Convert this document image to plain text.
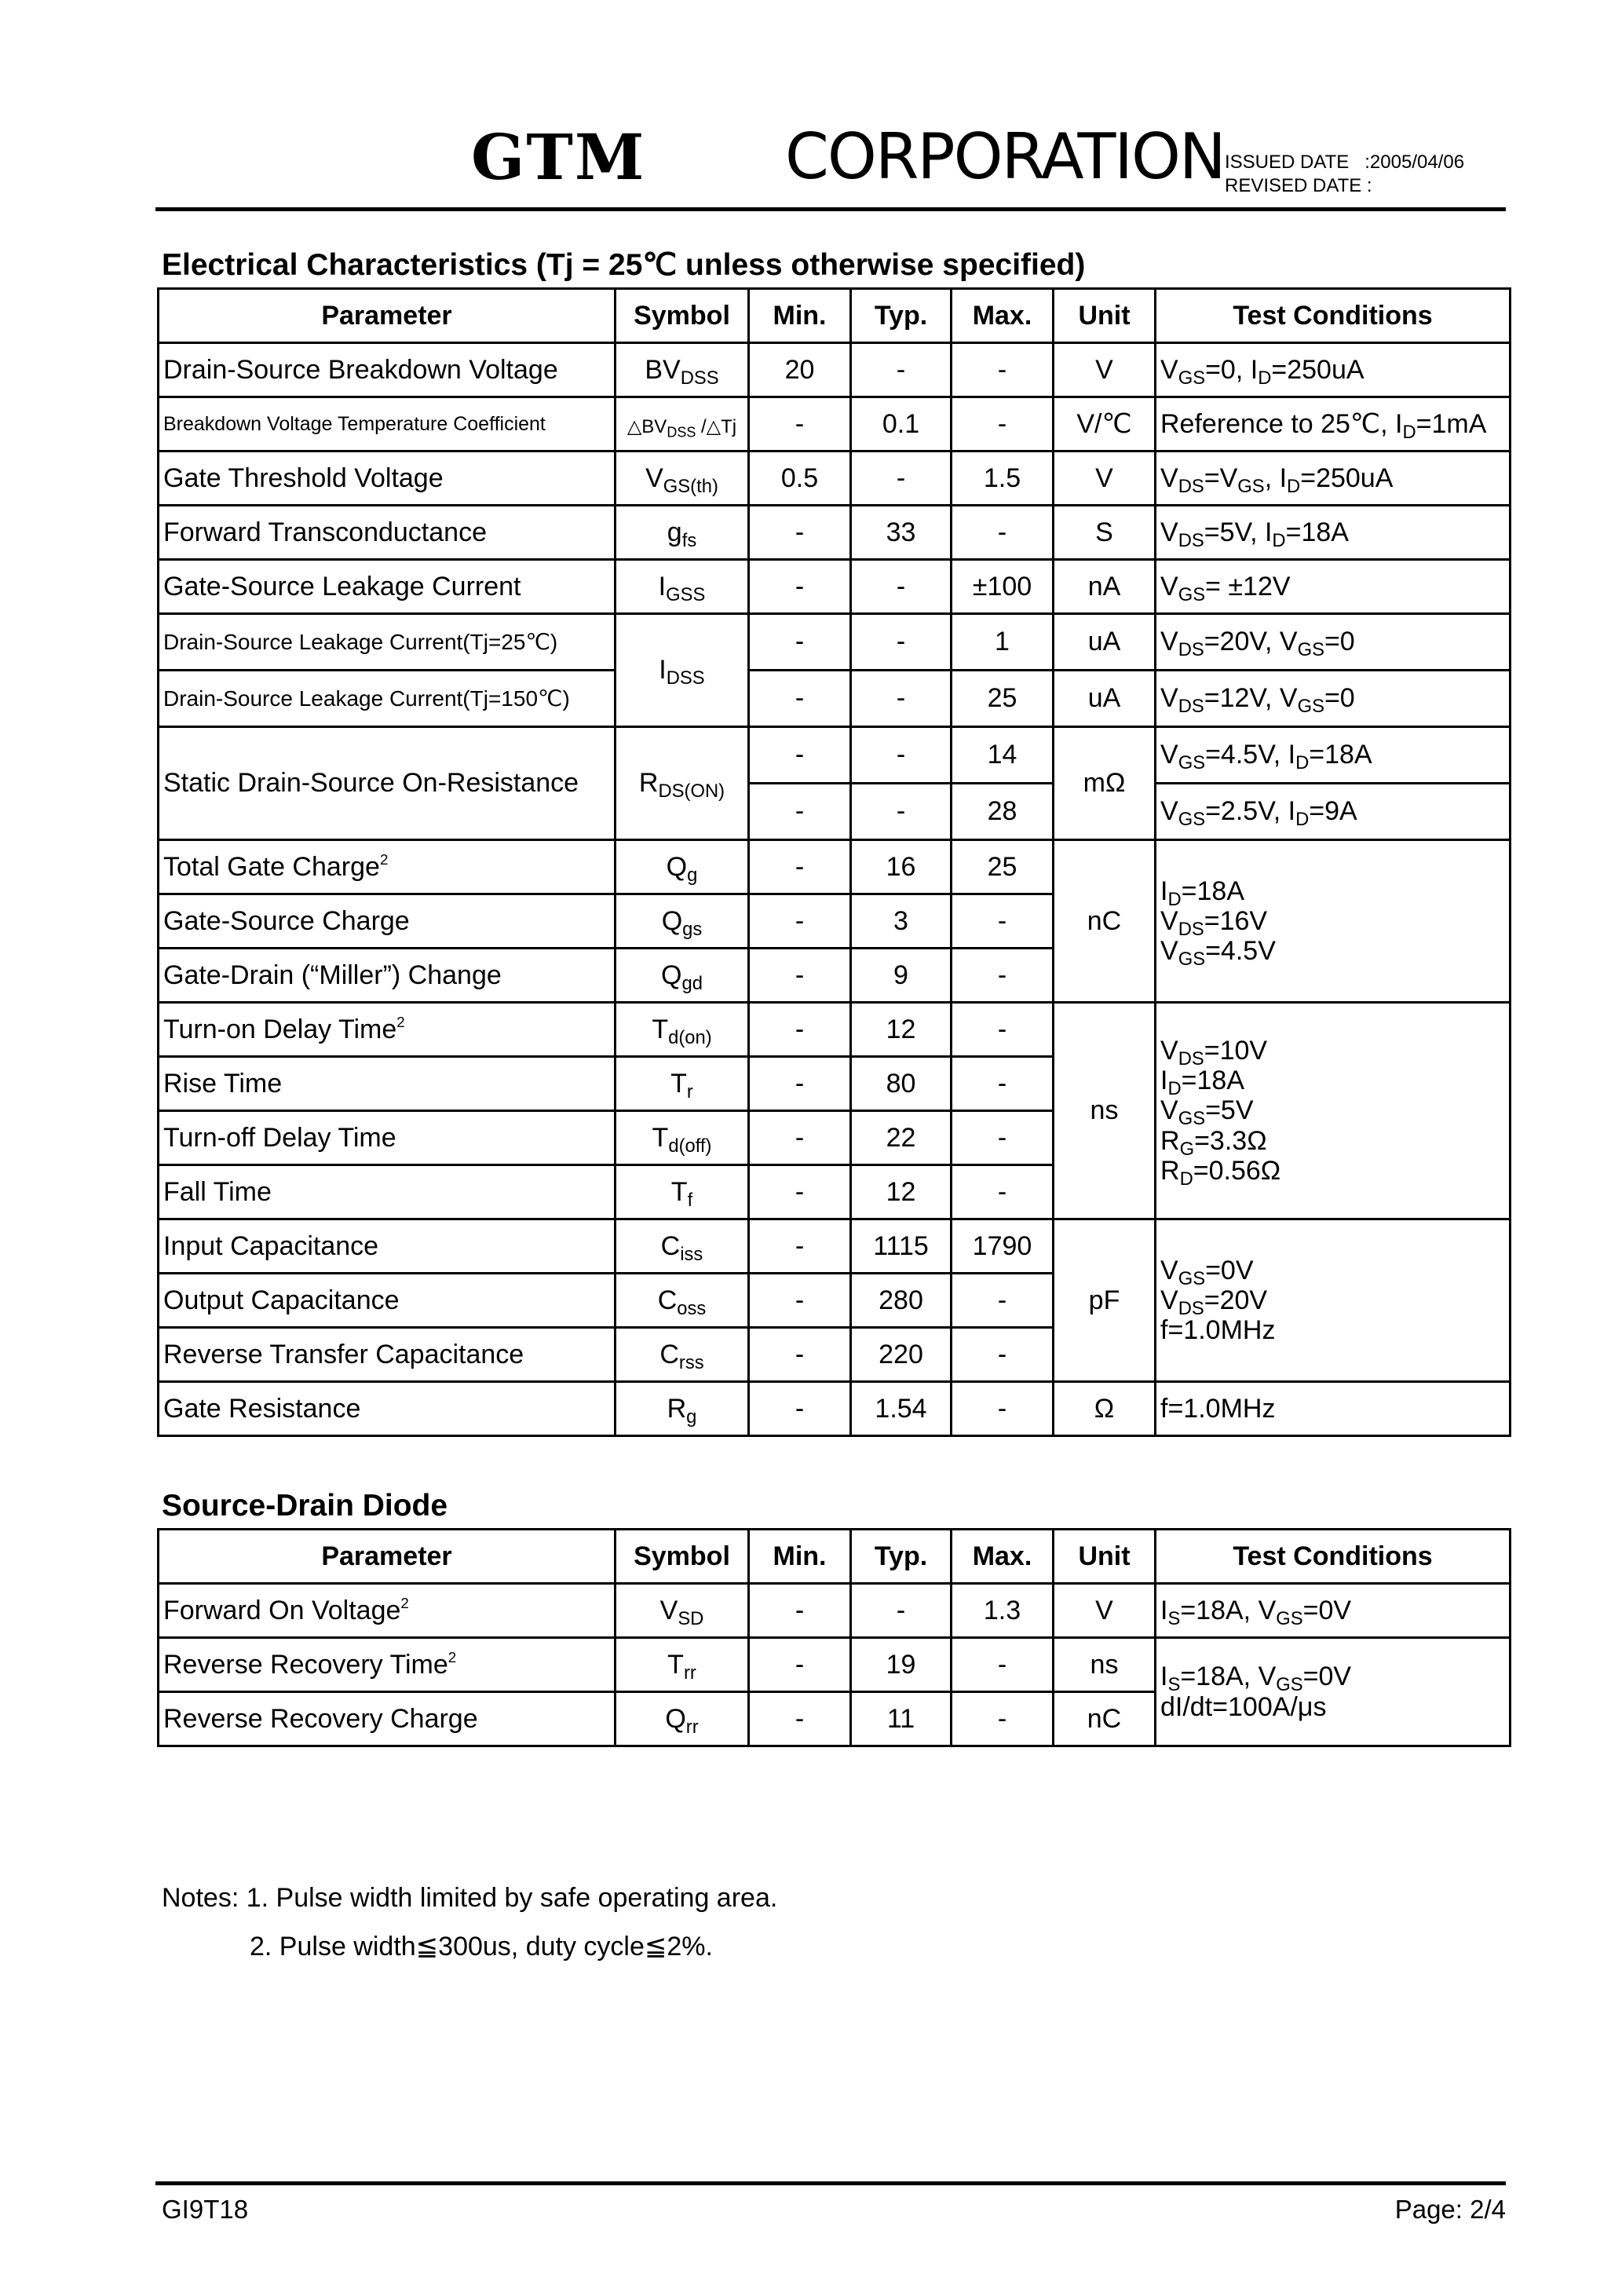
GTM CORPORATION ISSUED DATE   :2005/04/06
REVISED DATE :
Electrical Characteristics (Tj = 25℃ unless otherwise specified)
Parameter	Symbol	Min.	Typ.	Max.	Unit	Test Conditions
Drain-Source Breakdown Voltage	$BV_{DSS}$	20	-	-	V	$V_{GS}=0$, $I_D=250uA$
Breakdown Voltage Temperature Coefficient	$\triangle BV_{DSS}$ /△Tj	-	0.1	-	V/℃	Reference to 25℃, $I_D=1mA$
Gate Threshold Voltage	$V_{GS(th)}$	0.5	-	1.5	V	$V_{DS}=V_{GS}$, $I_D=250uA$
Forward Transconductance	$g_{fs}$	-	33	-	S	$V_{DS}=5V$, $I_D=18A$
Gate-Source Leakage Current	$I_{GSS}$	-	-	±100	nA	$V_{GS}= \pm 12V$
Drain-Source Leakage Current(Tj=25℃)	$I_{DSS}$	-	-	1	uA	$V_{DS}=20V$, $V_{GS}=0$
Drain-Source Leakage Current(Tj=150℃)		-	-	25	uA	$V_{DS}=12V$, $V_{GS}=0$
Static Drain-Source On-Resistance	$R_{DS(ON)}$	-	-	14	mΩ	$V_{GS}=4.5V$, $I_D=18A$
		-	-	28		$V_{GS}=2.5V$, $I_D=9A$
Total Gate Charge$^2$	$Q_g$	-	16	25	nC	$I_D=18A$
$V_{DS}=16V$
$V_{GS}=4.5V$

Gate-Source Charge	$Q_{gs}$	-	3	-		
Gate-Drain (“Miller”) Change	$Q_{gd}$	-	9	-		
Turn-on Delay Time$^2$	$T_{d(on)}$	-	12	-	ns	$V_{DS}=10V$
$I_D=18A$
$V_{GS}=5V$
$R_G=3.3\Omega$
$R_D=0.56\Omega$

Rise Time	$T_r$	-	80	-		
Turn-off Delay Time	$T_{d(off)}$	-	22	-		
Fall Time	$T_f$	-	12	-		
Input Capacitance	$C_{iss}$	-	1115	1790	pF	$V_{GS}=0V$
$V_{DS}=20V$
f=1.0MHz

Output Capacitance	$C_{oss}$	-	280	-		
Reverse Transfer Capacitance	$C_{rss}$	-	220	-		
Gate Resistance	$R_g$	-	1.54	-	Ω	f=1.0MHz
Source-Drain Diode
Parameter	Symbol	Min.	Typ.	Max.	Unit	Test Conditions
Forward On Voltage$^2$	$V_{SD}$	-	-	1.3	V	$I_S=18A$, $V_{GS}=0V$
Reverse Recovery Time$^2$	$T_{rr}$	-	19	-	ns	$I_S=18A$, $V_{GS}=0V$
dI/dt=100A/μs

Reverse Recovery Charge	$Q_{rr}$	-	11	-	nC	
Notes: 1. Pulse width limited by safe operating area.
2. Pulse width≦300us, duty cycle≦2%.
GI9T18	Page: 2/4
